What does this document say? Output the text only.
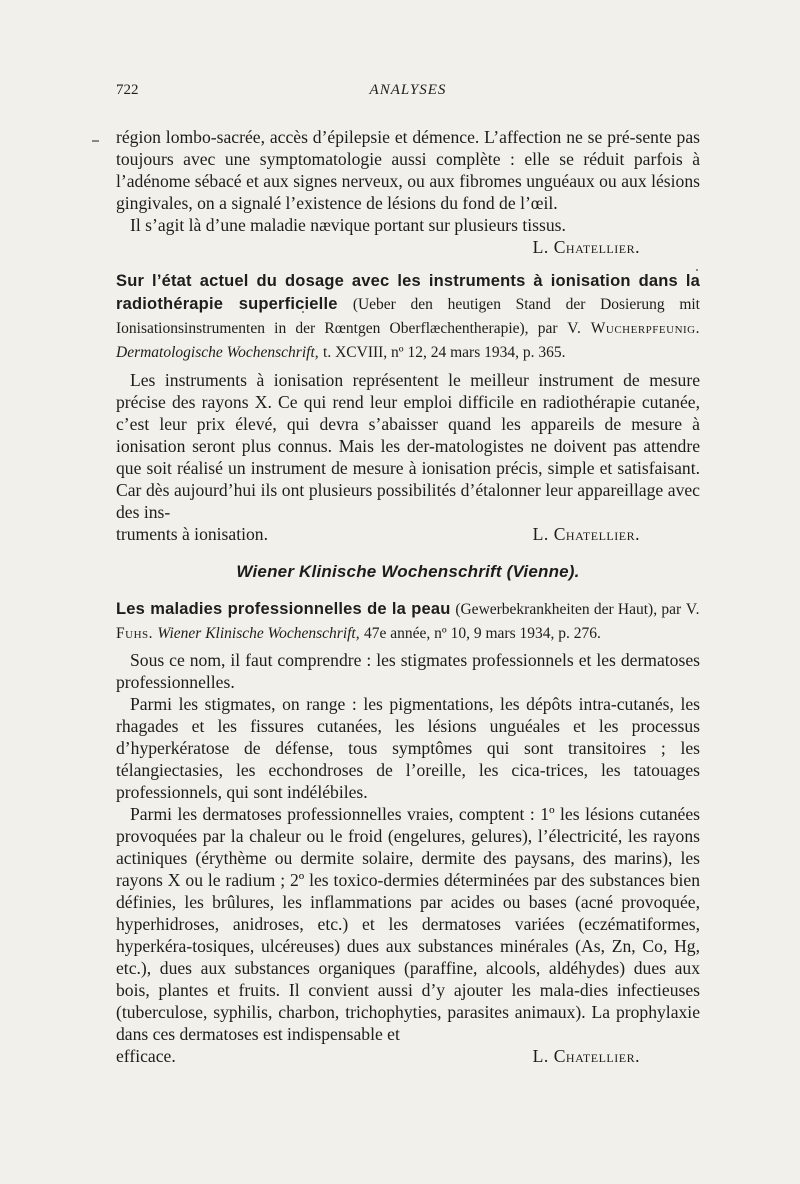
722	ANALYSES

région lombo-sacrée, accès d’épilepsie et démence. L’affection ne se pré-sente pas toujours avec une symptomatologie aussi complète : elle se réduit parfois à l’adénome sébacé et aux signes nerveux, ou aux fibromes unguéaux ou aux lésions gingivales, on a signalé l’existence de lésions du fond de l’œil.

Il s’agit là d’une maladie nævique portant sur plusieurs tissus.

L. Chatellier.

Sur l’état actuel du dosage avec les instruments à ionisation dans la radiothérapie superficielle (Ueber den heutigen Stand der Dosierung mit Ionisationsinstrumenten in der Rœntgen Oberflæchentherapie), par V. Wucherpfeunig. Dermatologische Wochenschrift, t. XCVIII, nº 12, 24 mars 1934, p. 365.

Les instruments à ionisation représentent le meilleur instrument de mesure précise des rayons X. Ce qui rend leur emploi difficile en radiothérapie cutanée, c’est leur prix élevé, qui devra s’abaisser quand les appareils de mesure à ionisation seront plus connus. Mais les der-matologistes ne doivent pas attendre que soit réalisé un instrument de mesure à ionisation précis, simple et satisfaisant. Car dès aujourd’hui ils ont plusieurs possibilités d’étalonner leur appareillage avec des ins-

truments à ionisation.	L. Chatellier.
Wiener Klinische Wochenschrift (Vienne).

Les maladies professionnelles de la peau (Gewerbekrankheiten der Haut), par V. Fuhs. Wiener Klinische Wochenschrift, 47e année, nº 10, 9 mars 1934, p. 276.

Sous ce nom, il faut comprendre : les stigmates professionnels et les dermatoses professionnelles.

Parmi les stigmates, on range : les pigmentations, les dépôts intra-cutanés, les rhagades et les fissures cutanées, les lésions unguéales et les processus d’hyperkératose de défense, tous symptômes qui sont transitoires ; les télangiectasies, les ecchondroses de l’oreille, les cica-trices, les tatouages professionnels, qui sont indélébiles.

Parmi les dermatoses professionnelles vraies, comptent : 1º les lésions cutanées provoquées par la chaleur ou le froid (engelures, gelures), l’électricité, les rayons actiniques (érythème ou dermite solaire, dermite des paysans, des marins), les rayons X ou le radium ; 2º les toxico-dermies déterminées par des substances bien définies, les brûlures, les inflammations par acides ou bases (acné provoquée, hyperhidroses, anidroses, etc.) et les dermatoses variées (eczématiformes, hyperkéra-tosiques, ulcéreuses) dues aux substances minérales (As, Zn, Co, Hg, etc.), dues aux substances organiques (paraffine, alcools, aldéhydes) dues aux bois, plantes et fruits. Il convient aussi d’y ajouter les mala-dies infectieuses (tuberculose, syphilis, charbon, trichophyties, parasites animaux). La prophylaxie dans ces dermatoses est indispensable et

efficace.	L. Chatellier.
